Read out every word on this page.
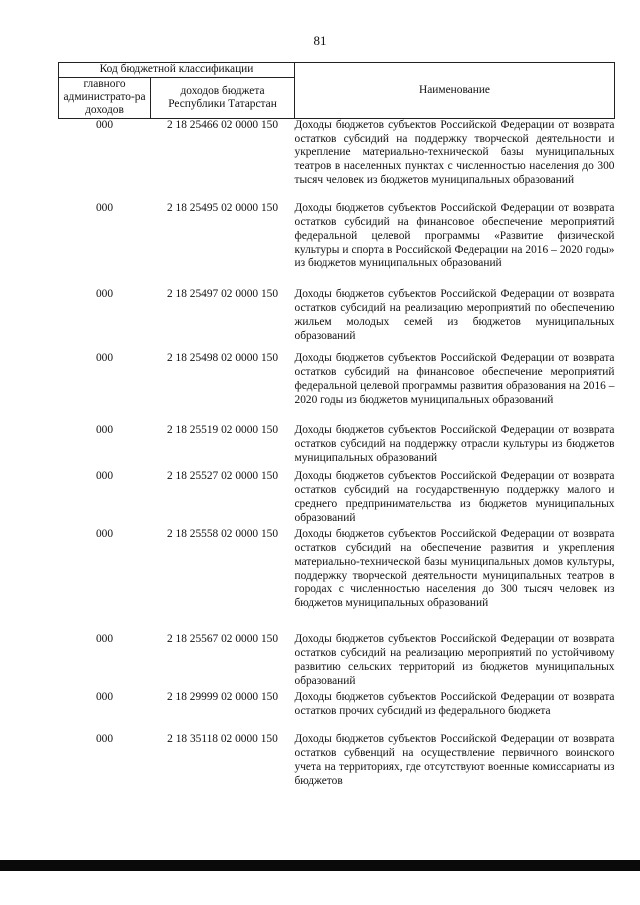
81
Код бюджетной классификации		Наименование
главного администрато-ра доходов	доходов бюджета Республики Татарстан	
000	2 18 25466 02 0000 150	Доходы бюджетов субъектов Российской Федерации от возврата остатков субсидий на поддержку творческой деятельности и укрепление материально-технической базы муниципальных театров в населенных пунктах с численностью населения до 300 тысяч человек из бюджетов муниципальных образований
000	2 18 25495 02 0000 150	Доходы бюджетов субъектов Российской Федерации от возврата остатков субсидий на финансовое обеспечение мероприятий федеральной целевой программы «Развитие физической культуры и спорта в Российской Федерации на 2016 – 2020 годы» из бюджетов муниципальных образований
000	2 18 25497 02 0000 150	Доходы бюджетов субъектов Российской Федерации от возврата остатков субсидий на реализацию мероприятий по обеспечению жильем молодых семей из бюджетов муниципальных образований
000	2 18 25498 02 0000 150	Доходы бюджетов субъектов Российской Федерации от возврата остатков субсидий на финансовое обеспечение мероприятий федеральной целевой программы развития образования на 2016 – 2020 годы из бюджетов муниципальных образований
000	2 18 25519 02 0000 150	Доходы бюджетов субъектов Российской Федерации от возврата остатков субсидий на поддержку отрасли культуры из бюджетов муниципальных образований
000	2 18 25527 02 0000 150	Доходы бюджетов субъектов Российской Федерации от возврата остатков субсидий на государственную поддержку малого и среднего предпринимательства из бюджетов муниципальных образований
000	2 18 25558 02 0000 150	Доходы бюджетов субъектов Российской Федерации от возврата остатков субсидий на обеспечение развития и укрепления материально-технической базы муниципальных домов культуры, поддержку творческой деятельности муниципальных театров в городах с численностью населения до 300 тысяч человек из бюджетов муниципальных образований
000	2 18 25567 02 0000 150	Доходы бюджетов субъектов Российской Федерации от возврата остатков субсидий на реализацию мероприятий по устойчивому развитию сельских территорий из бюджетов муниципальных образований
000	2 18 29999 02 0000 150	Доходы бюджетов субъектов Российской Федерации от возврата остатков прочих субсидий из федерального бюджета
000	2 18 35118 02 0000 150	Доходы бюджетов субъектов Российской Федерации от возврата остатков субвенций на осуществление первичного воинского учета на территориях, где отсутствуют военные комиссариаты из бюджетов
